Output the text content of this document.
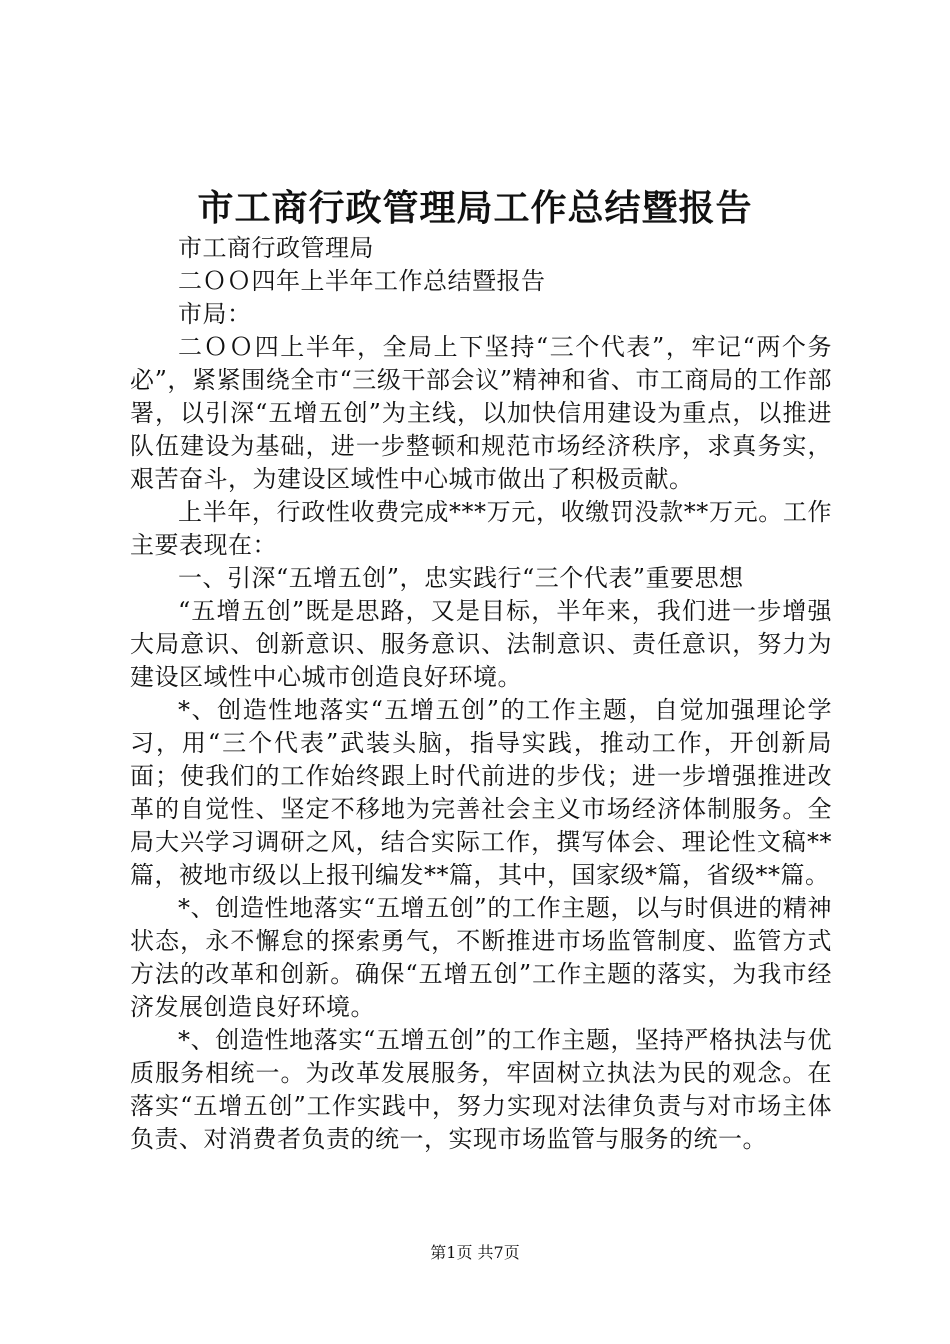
市工商行政管理局工作总结暨报告

市工商行政管理局

二ＯＯ四年上半年工作总结暨报告

市局：

二ＯＯ四上半年，全局上下坚持“三个代表”，牢记“两个务必”，紧紧围绕全市“三级干部会议”精神和省、市工商局的工作部署，以引深“五增五创”为主线，以加快信用建设为重点，以推进队伍建设为基础，进一步整顿和规范市场经济秩序，求真务实，艰苦奋斗，为建设区域性中心城市做出了积极贡献。

上半年，行政性收费完成***万元，收缴罚没款**万元。工作主要表现在：

一、引深“五增五创”，忠实践行“三个代表”重要思想

“五增五创”既是思路，又是目标，半年来，我们进一步增强大局意识、创新意识、服务意识、法制意识、责任意识，努力为建设区域性中心城市创造良好环境。

*、创造性地落实“五增五创”的工作主题，自觉加强理论学习，用“三个代表”武装头脑，指导实践，推动工作，开创新局面；使我们的工作始终跟上时代前进的步伐；进一步增强推进改革的自觉性、坚定不移地为完善社会主义市场经济体制服务。全局大兴学习调研之风，结合实际工作，撰写体会、理论性文稿**篇，被地市级以上报刊编发**篇，其中，国家级*篇，省级**篇。

*、创造性地落实“五增五创”的工作主题，以与时俱进的精神状态，永不懈怠的探索勇气，不断推进市场监管制度、监管方式方法的改革和创新。确保“五增五创”工作主题的落实，为我市经济发展创造良好环境。

*、创造性地落实“五增五创”的工作主题，坚持严格执法与优质服务相统一。为改革发展服务，牢固树立执法为民的观念。在落实“五增五创”工作实践中，努力实现对法律负责与对市场主体负责、对消费者负责的统一，实现市场监管与服务的统一。

第1页 共7页
